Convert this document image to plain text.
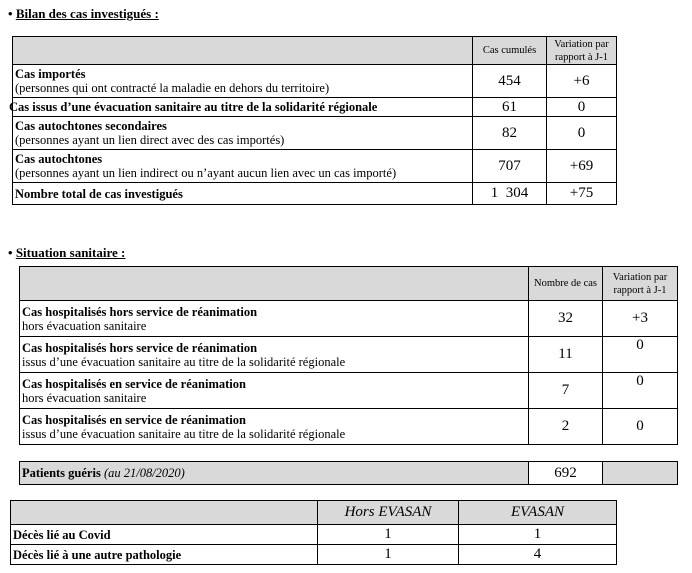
• Bilan des cas investigués :
	Cas cumulés	Variation par rapport à J-1
Cas importés
(personnes qui ont contracté la maladie en dehors du territoire)	454	+6
Cas issus d’une évacuation sanitaire au titre de la solidarité régionale	61	0
Cas autochtones secondaires
(personnes ayant un lien direct avec des cas importés)	82	0
Cas autochtones
(personnes ayant un lien indirect ou n’ayant aucun lien avec un cas importé)	707	+69
Nombre total de cas investigués	1  304	+75
• Situation sanitaire :
	Nombre de cas	Variation par rapport à J-1
Cas hospitalisés hors service de réanimation
hors évacuation sanitaire	32	+3
Cas hospitalisés hors service de réanimation
issus d’une évacuation sanitaire au titre de la solidarité régionale	11	0
Cas hospitalisés en service de réanimation
hors évacuation sanitaire	7	0
Cas hospitalisés en service de réanimation
issus d’une évacuation sanitaire au titre de la solidarité régionale	2	0
Patients guéris (au 21/08/2020)	692	
	Hors EVASAN	EVASAN
Décès lié au Covid	1	1
Décès lié à une autre pathologie	1	4
